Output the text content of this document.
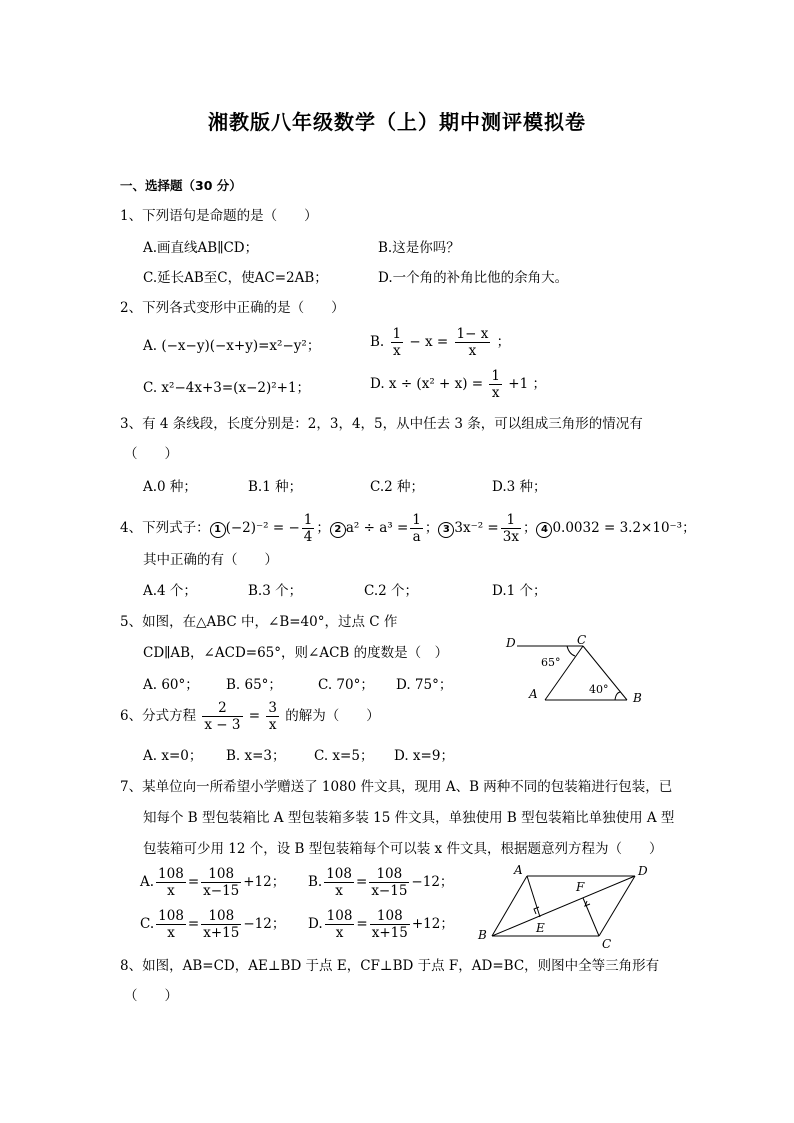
湘教版八年级数学（上）期中测评模拟卷
一、选择题（30 分）
1、下列语句是命题的是（　　）
A.画直线AB∥CD；	B.这是你吗？
C.延长AB至C，使AC=2AB；	D.一个角的补角比他的余角大。
2、下列各式变形中正确的是（　　）
A. (−x−y)(−x+y)=x²−y²；	B. $\frac{1}{x} - x = \frac{1- x}{x}$ ；
C. x²−4x+3=(x−2)²+1；	D. $x \div (x^2 + x) = \frac{1}{x} +1$ ；
3、有 4 条线段，长度分别是：2，3，4，5，从中任去 3 条，可以组成三角形的情况有
（　　）
A.0 种；	B.1 种；	C.2 种；	D.3 种；
4、下列式子： 1 (−2)⁻² = − $\frac{1}{4}$ ； 2 $a^2 \div a^3 = \frac{1}{a}$ ； 3 $3x^{-2} = \frac{1}{3x}$ ； 4 0.0032 = 3.2×10⁻³；
其中正确的有（　　）
A.4 个；	B.3 个；	C.2 个；	D.1 个；
5、如图，在△ABC 中，∠B=40°，过点 C 作
CD∥AB，∠ACD=65°，则∠ACB 的度数是（　）
A. 60°； B. 65°；	C. 70°； D. 75°；
D	C
A	B
65°
40°
6、分式方程 $\frac{2}{x - 3} = \frac{3}{x}$ 的解为（　　）
A. x=0； B. x=3； C. x=5； D. x=9；
7、某单位向一所希望小学赠送了 1080 件文具，现用 A、B 两种不同的包装箱进行包装，已
知每个 B 型包装箱比 A 型包装箱多装 15 件文具，单独使用 B 型包装箱比单独使用 A 型
包装箱可少用 12 个，设 B 型包装箱每个可以装 x 件文具，根据题意列方程为（　　）
A. $\frac{108}{x} = \frac{108}{x-15} +12$； B. $\frac{108}{x} = \frac{108}{x-15} -12$；
C. $\frac{108}{x} = \frac{108}{x+15} -12$； D. $\frac{108}{x} = \frac{108}{x+15} +12$；
A	D
F
E
B
C
8、如图，AB=CD，AE⊥BD 于点 E，CF⊥BD 于点 F，AD=BC，则图中全等三角形有
（　　）
